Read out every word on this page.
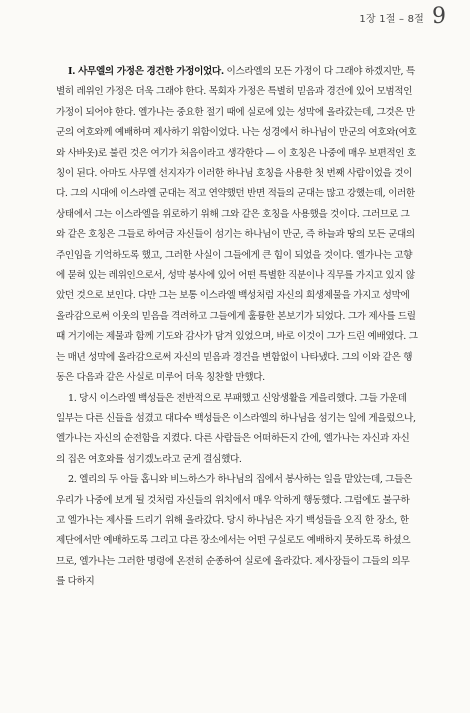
1장 1절 – 8절 9

I. 사무엘의 가정은 경건한 가정이었다. 이스라엘의 모든 가정이 다 그래야 하겠지만, 특별히 레위인 가정은 더욱 그래야 한다. 목회자 가정은 특별히 믿음과 경건에 있어 모범적인 가정이 되어야 한다. 엘가나는 중요한 절기 때에 실로에 있는 성막에 올라갔는데, 그것은 만군의 여호와께 예배하며 제사하기 위함이었다. 나는 성경에서 하나님이 만군의 여호와(여호와 사바옷)로 불린 것은 여기가 처음이라고 생각한다 — 이 호칭은 나중에 매우 보편적인 호칭이 된다. 아마도 사무엘 선지자가 이러한 하나님 호칭을 사용한 첫 번째 사람이었을 것이다. 그의 시대에 이스라엘 군대는 적고 연약했던 반면 적들의 군대는 많고 강했는데, 이러한 상태에서 그는 이스라엘을 위로하기 위해 그와 같은 호칭을 사용했을 것이다. 그러므로 그와 같은 호칭은 그들로 하여금 자신들이 섬기는 하나님이 만군, 즉 하늘과 땅의 모든 군대의 주인임을 기억하도록 했고, 그러한 사실이 그들에게 큰 힘이 되었을 것이다. 엘가나는 고향에 묻혀 있는 레위인으로서, 성막 봉사에 있어 어떤 특별한 직분이나 직무를 가지고 있지 않았던 것으로 보인다. 다만 그는 보통 이스라엘 백성처럼 자신의 희생제물을 가지고 성막에 올라감으로써 이웃의 믿음을 격려하고 그들에게 훌륭한 본보기가 되었다. 그가 제사를 드릴 때 거기에는 제물과 함께 기도와 감사가 담겨 있었으며, 바로 이것이 그가 드린 예배였다. 그는 매년 성막에 올라감으로써 자신의 믿음과 경건을 변함없이 나타냈다. 그의 이와 같은 행동은 다음과 같은 사실로 미루어 더욱 칭찬할 만했다.

1. 당시 이스라엘 백성들은 전반적으로 부패했고 신앙생활을 게을리했다. 그들 가운데 일부는 다른 신들을 섬겼고 대다수 백성들은 이스라엘의 하나님을 섬기는 일에 게을렀으나, 엘가나는 자신의 순전함을 지켰다. 다른 사람들은 어떠하든지 간에, 엘가나는 자신과 자신의 집은 여호와를 섬기겠노라고 굳게 결심했다.

2. 엘리의 두 아들 홉니와 비느하스가 하나님의 집에서 봉사하는 일을 맡았는데, 그들은 우리가 나중에 보게 될 것처럼 자신들의 위치에서 매우 악하게 행동했다. 그럼에도 불구하고 엘가나는 제사를 드리기 위해 올라갔다. 당시 하나님은 자기 백성들을 오직 한 장소, 한 제단에서만 예배하도록 그리고 다른 장소에서는 어떤 구실로도 예배하지 못하도록 하셨으므로, 엘가나는 그러한 명령에 온전히 순종하여 실로에 올라갔다. 제사장들이 그들의 의무를 다하지
